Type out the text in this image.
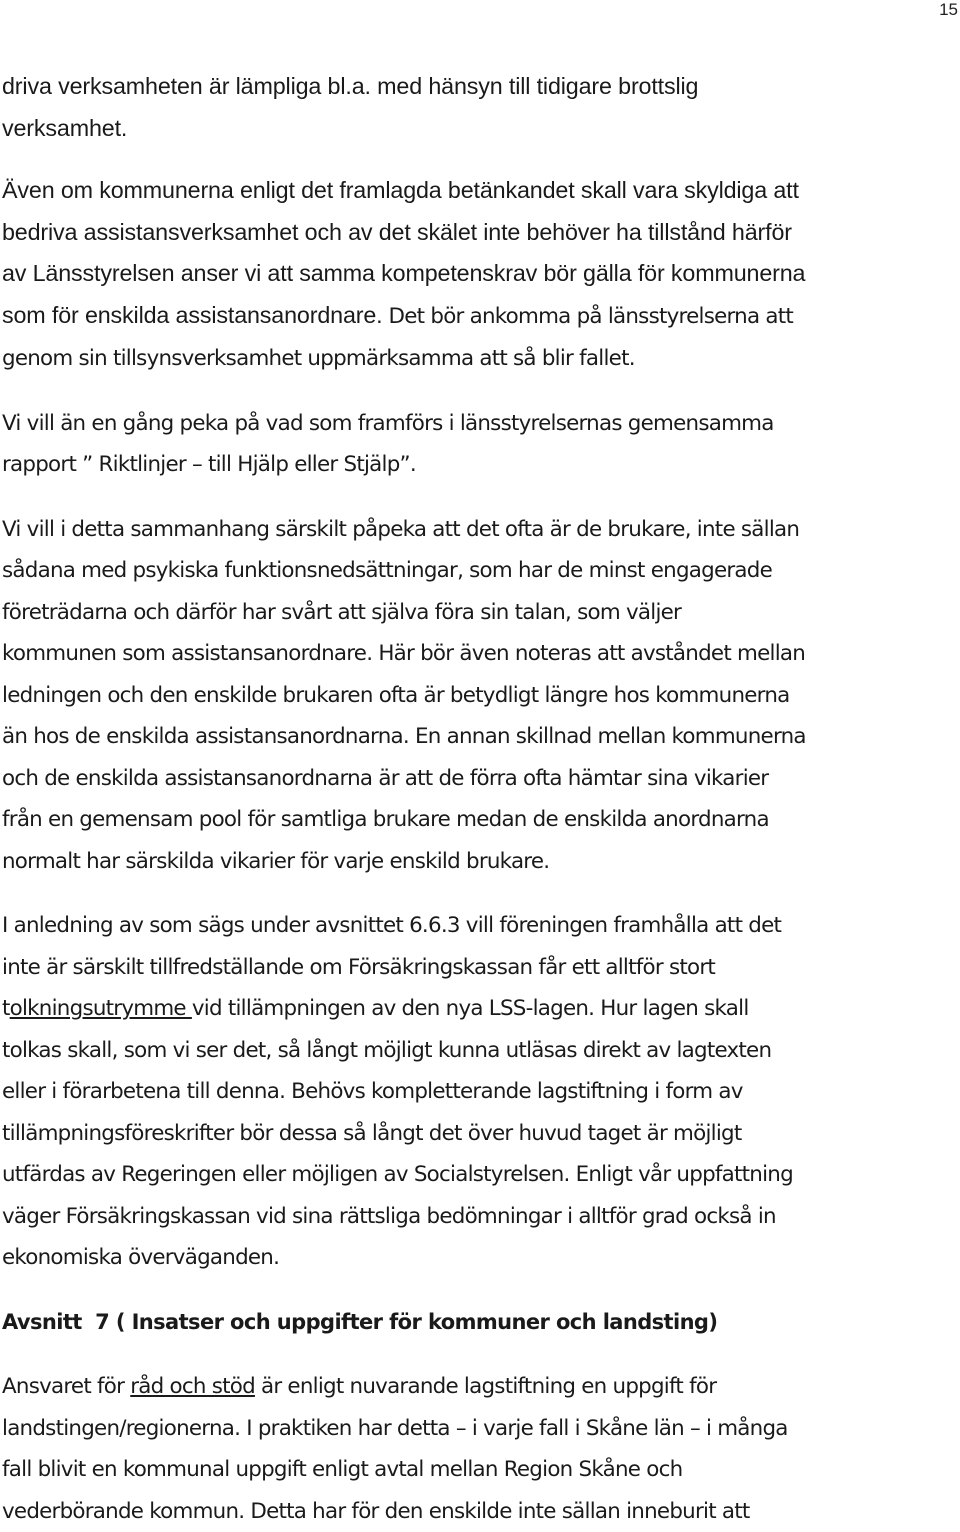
15

driva verksamheten är lämpliga bl.a. med hänsyn till tidigare brottslig
verksamhet.

Även om kommunerna enligt det framlagda betänkandet skall vara skyldiga att
bedriva assistansverksamhet och av det skälet inte behöver ha tillstånd härför
av Länsstyrelsen anser vi att samma kompetenskrav bör gälla för kommunerna
som för enskilda assistansanordnare. Det bör ankomma på länsstyrelserna att
genom sin tillsynsverksamhet uppmärksamma att så blir fallet.

Vi vill än en gång peka på vad som framförs i länsstyrelsernas gemensamma
rapport ” Riktlinjer – till Hjälp eller Stjälp”.

Vi vill i detta sammanhang särskilt påpeka att det ofta är de brukare, inte sällan
sådana med psykiska funktionsnedsättningar, som har de minst engagerade
företrädarna och därför har svårt att själva föra sin talan, som väljer
kommunen som assistansanordnare. Här bör även noteras att avståndet mellan
ledningen och den enskilde brukaren ofta är betydligt längre hos kommunerna
än hos de enskilda assistansanordnarna. En annan skillnad mellan kommunerna
och de enskilda assistansanordnarna är att de förra ofta hämtar sina vikarier
från en gemensam pool för samtliga brukare medan de enskilda anordnarna
normalt har särskilda vikarier för varje enskild brukare.

I anledning av som sägs under avsnittet 6.6.3 vill föreningen framhålla att det
inte är särskilt tillfredställande om Försäkringskassan får ett alltför stort
tolkningsutrymme vid tillämpningen av den nya LSS-lagen. Hur lagen skall
tolkas skall, som vi ser det, så långt möjligt kunna utläsas direkt av lagtexten
eller i förarbetena till denna. Behövs kompletterande lagstiftning i form av
tillämpningsföreskrifter bör dessa så långt det över huvud taget är möjligt
utfärdas av Regeringen eller möjligen av Socialstyrelsen. Enligt vår uppfattning
väger Försäkringskassan vid sina rättsliga bedömningar i alltför grad också in
ekonomiska överväganden.

Avsnitt  7 ( Insatser och uppgifter för kommuner och landsting)

Ansvaret för råd och stöd är enligt nuvarande lagstiftning en uppgift för
landstingen/regionerna. I praktiken har detta – i varje fall i Skåne län – i många
fall blivit en kommunal uppgift enligt avtal mellan Region Skåne och
vederbörande kommun. Detta har för den enskilde inte sällan inneburit att
